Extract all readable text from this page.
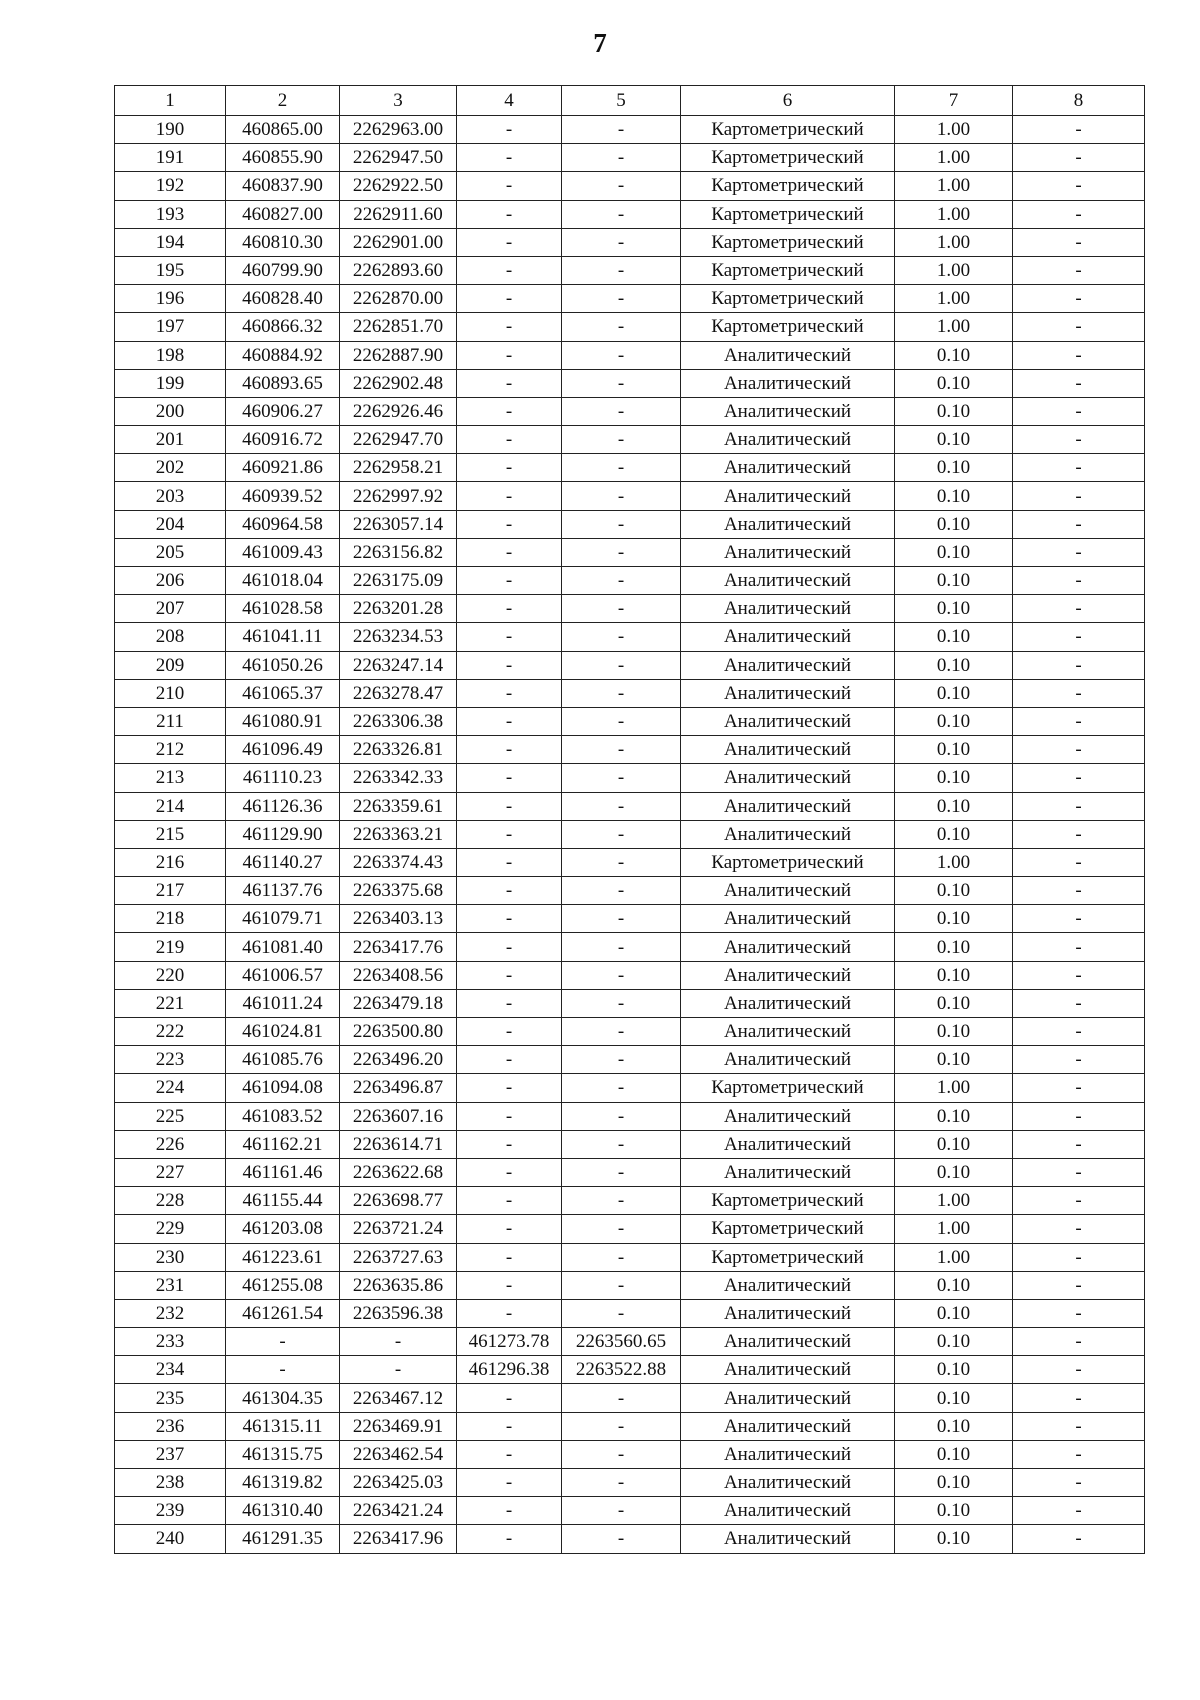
7
1	2	3	4	5	6	7	8
190	460865.00	2262963.00	-	-	Картометрический	1.00	-
191	460855.90	2262947.50	-	-	Картометрический	1.00	-
192	460837.90	2262922.50	-	-	Картометрический	1.00	-
193	460827.00	2262911.60	-	-	Картометрический	1.00	-
194	460810.30	2262901.00	-	-	Картометрический	1.00	-
195	460799.90	2262893.60	-	-	Картометрический	1.00	-
196	460828.40	2262870.00	-	-	Картометрический	1.00	-
197	460866.32	2262851.70	-	-	Картометрический	1.00	-
198	460884.92	2262887.90	-	-	Аналитический	0.10	-
199	460893.65	2262902.48	-	-	Аналитический	0.10	-
200	460906.27	2262926.46	-	-	Аналитический	0.10	-
201	460916.72	2262947.70	-	-	Аналитический	0.10	-
202	460921.86	2262958.21	-	-	Аналитический	0.10	-
203	460939.52	2262997.92	-	-	Аналитический	0.10	-
204	460964.58	2263057.14	-	-	Аналитический	0.10	-
205	461009.43	2263156.82	-	-	Аналитический	0.10	-
206	461018.04	2263175.09	-	-	Аналитический	0.10	-
207	461028.58	2263201.28	-	-	Аналитический	0.10	-
208	461041.11	2263234.53	-	-	Аналитический	0.10	-
209	461050.26	2263247.14	-	-	Аналитический	0.10	-
210	461065.37	2263278.47	-	-	Аналитический	0.10	-
211	461080.91	2263306.38	-	-	Аналитический	0.10	-
212	461096.49	2263326.81	-	-	Аналитический	0.10	-
213	461110.23	2263342.33	-	-	Аналитический	0.10	-
214	461126.36	2263359.61	-	-	Аналитический	0.10	-
215	461129.90	2263363.21	-	-	Аналитический	0.10	-
216	461140.27	2263374.43	-	-	Картометрический	1.00	-
217	461137.76	2263375.68	-	-	Аналитический	0.10	-
218	461079.71	2263403.13	-	-	Аналитический	0.10	-
219	461081.40	2263417.76	-	-	Аналитический	0.10	-
220	461006.57	2263408.56	-	-	Аналитический	0.10	-
221	461011.24	2263479.18	-	-	Аналитический	0.10	-
222	461024.81	2263500.80	-	-	Аналитический	0.10	-
223	461085.76	2263496.20	-	-	Аналитический	0.10	-
224	461094.08	2263496.87	-	-	Картометрический	1.00	-
225	461083.52	2263607.16	-	-	Аналитический	0.10	-
226	461162.21	2263614.71	-	-	Аналитический	0.10	-
227	461161.46	2263622.68	-	-	Аналитический	0.10	-
228	461155.44	2263698.77	-	-	Картометрический	1.00	-
229	461203.08	2263721.24	-	-	Картометрический	1.00	-
230	461223.61	2263727.63	-	-	Картометрический	1.00	-
231	461255.08	2263635.86	-	-	Аналитический	0.10	-
232	461261.54	2263596.38	-	-	Аналитический	0.10	-
233	-	-	461273.78	2263560.65	Аналитический	0.10	-
234	-	-	461296.38	2263522.88	Аналитический	0.10	-
235	461304.35	2263467.12	-	-	Аналитический	0.10	-
236	461315.11	2263469.91	-	-	Аналитический	0.10	-
237	461315.75	2263462.54	-	-	Аналитический	0.10	-
238	461319.82	2263425.03	-	-	Аналитический	0.10	-
239	461310.40	2263421.24	-	-	Аналитический	0.10	-
240	461291.35	2263417.96	-	-	Аналитический	0.10	-
